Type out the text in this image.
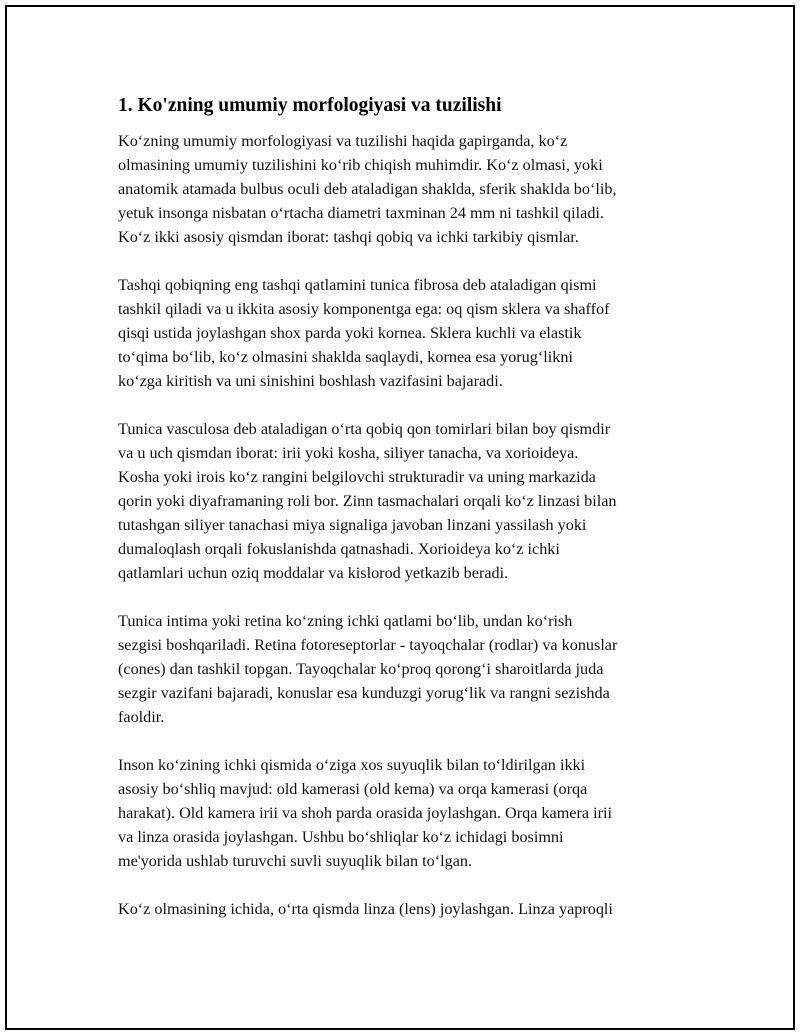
1. Ko'zning umumiy morfologiyasi va tuzilishi

Ko‘zning umumiy morfologiyasi va tuzilishi haqida gapirganda, ko‘z
olmasining umumiy tuzilishini ko‘rib chiqish muhimdir. Ko‘z olmasi, yoki
anatomik atamada bulbus oculi deb ataladigan shaklda, sferik shaklda bo‘lib,
yetuk insonga nisbatan o‘rtacha diametri taxminan 24 mm ni tashkil qiladi.
Ko‘z ikki asosiy qismdan iborat: tashqi qobiq va ichki tarkibiy qismlar.

Tashqi qobiqning eng tashqi qatlamini tunica fibrosa deb ataladigan qismi
tashkil qiladi va u ikkita asosiy komponentga ega: oq qism sklera va shaffof
qisqi ustida joylashgan shox parda yoki kornea. Sklera kuchli va elastik
to‘qima bo‘lib, ko‘z olmasini shaklda saqlaydi, kornea esa yorug‘likni
ko‘zga kiritish va uni sinishini boshlash vazifasini bajaradi.

Tunica vasculosa deb ataladigan o‘rta qobiq qon tomirlari bilan boy qismdir
va u uch qismdan iborat: irii yoki kosha, siliyer tanacha, va xorioideya.
Kosha yoki irois ko‘z rangini belgilovchi strukturadir va uning markazida
qorin yoki diyaframaning roli bor. Zinn tasmachalari orqali ko‘z linzasi bilan
tutashgan siliyer tanachasi miya signaliga javoban linzani yassilash yoki
dumaloqlash orqali fokuslanishda qatnashadi. Xorioideya ko‘z ichki
qatlamlari uchun oziq moddalar va kislorod yetkazib beradi.

Tunica intima yoki retina ko‘zning ichki qatlami bo‘lib, undan ko‘rish
sezgisi boshqariladi. Retina fotoreseptorlar - tayoqchalar (rodlar) va konuslar
(cones) dan tashkil topgan. Tayoqchalar ko‘proq qorong‘i sharoitlarda juda
sezgir vazifani bajaradi, konuslar esa kunduzgi yorug‘lik va rangni sezishda
faoldir.

Inson ko‘zining ichki qismida o‘ziga xos suyuqlik bilan to‘ldirilgan ikki
asosiy bo‘shliq mavjud: old kamerasi (old kema) va orqa kamerasi (orqa
harakat). Old kamera irii va shoh parda orasida joylashgan. Orqa kamera irii
va linza orasida joylashgan. Ushbu bo‘shliqlar ko‘z ichidagi bosimni
me'yorida ushlab turuvchi suvli suyuqlik bilan to‘lgan.

Ko‘z olmasining ichida, o‘rta qismda linza (lens) joylashgan. Linza yaproqli
